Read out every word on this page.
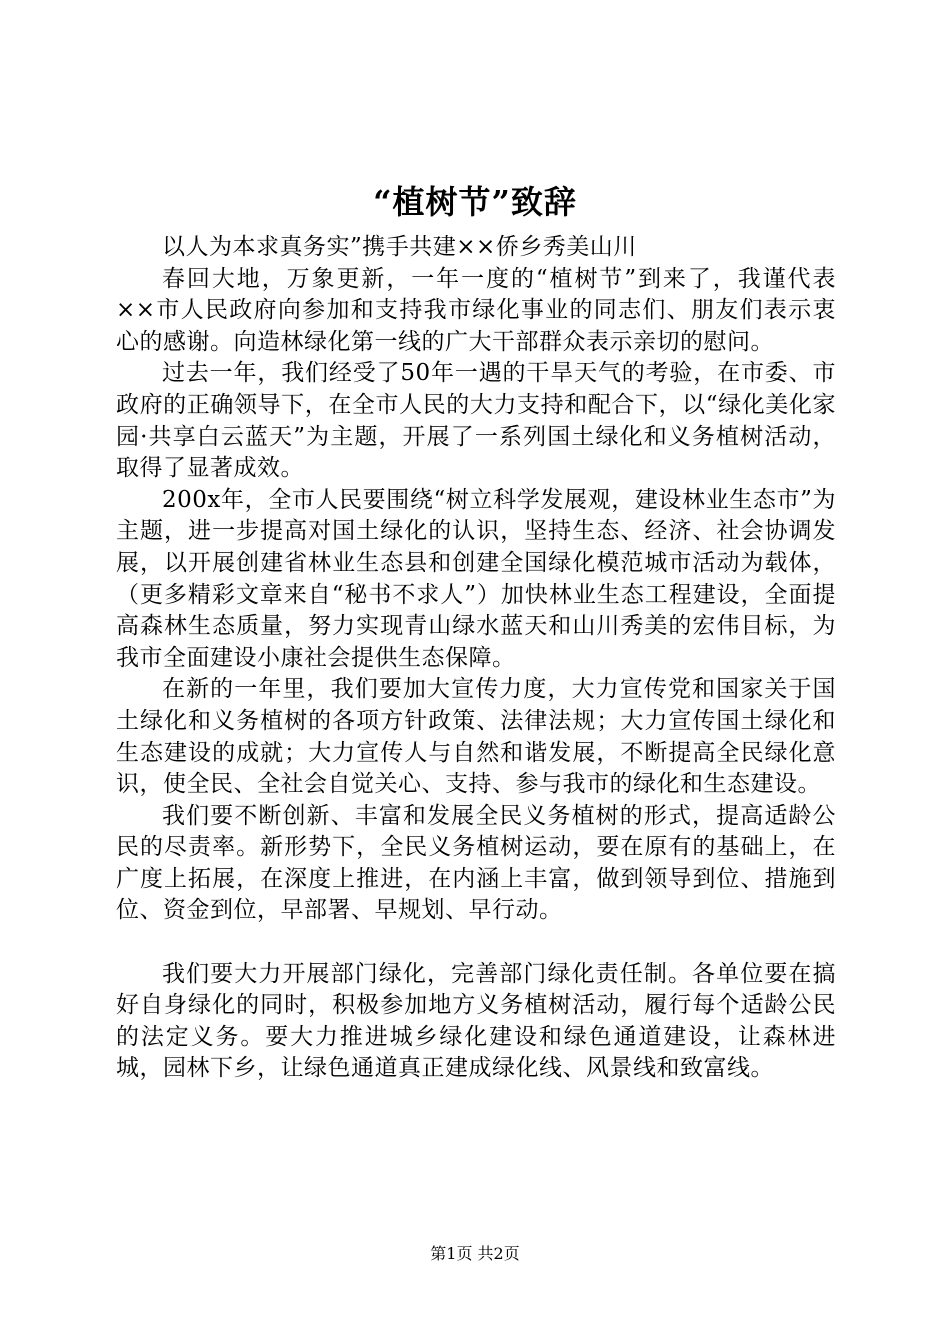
“植树节”致辞

以人为本求真务实”携手共建××侨乡秀美山川

春回大地，万象更新，一年一度的“植树节”到来了，我谨代表××市人民政府向参加和支持我市绿化事业的同志们、朋友们表示衷心的感谢。向造林绿化第一线的广大干部群众表示亲切的慰问。

过去一年，我们经受了50年一遇的干旱天气的考验，在市委、市政府的正确领导下，在全市人民的大力支持和配合下，以“绿化美化家园·共享白云蓝天”为主题，开展了一系列国土绿化和义务植树活动，取得了显著成效。

200x年，全市人民要围绕“树立科学发展观，建设林业生态市”为主题，进一步提高对国土绿化的认识，坚持生态、经济、社会协调发展，以开展创建省林业生态县和创建全国绿化模范城市活动为载体，（更多精彩文章来自“秘书不求人”）加快林业生态工程建设，全面提高森林生态质量，努力实现青山绿水蓝天和山川秀美的宏伟目标，为我市全面建设小康社会提供生态保障。

在新的一年里，我们要加大宣传力度，大力宣传党和国家关于国土绿化和义务植树的各项方针政策、法律法规；大力宣传国土绿化和生态建设的成就；大力宣传人与自然和谐发展，不断提高全民绿化意识，使全民、全社会自觉关心、支持、参与我市的绿化和生态建设。

我们要不断创新、丰富和发展全民义务植树的形式，提高适龄公民的尽责率。新形势下，全民义务植树运动，要在原有的基础上，在广度上拓展，在深度上推进，在内涵上丰富，做到领导到位、措施到位、资金到位，早部署、早规划、早行动。

我们要大力开展部门绿化，完善部门绿化责任制。各单位要在搞好自身绿化的同时，积极参加地方义务植树活动，履行每个适龄公民的法定义务。要大力推进城乡绿化建设和绿色通道建设，让森林进城，园林下乡，让绿色通道真正建成绿化线、风景线和致富线。

第1页 共2页
